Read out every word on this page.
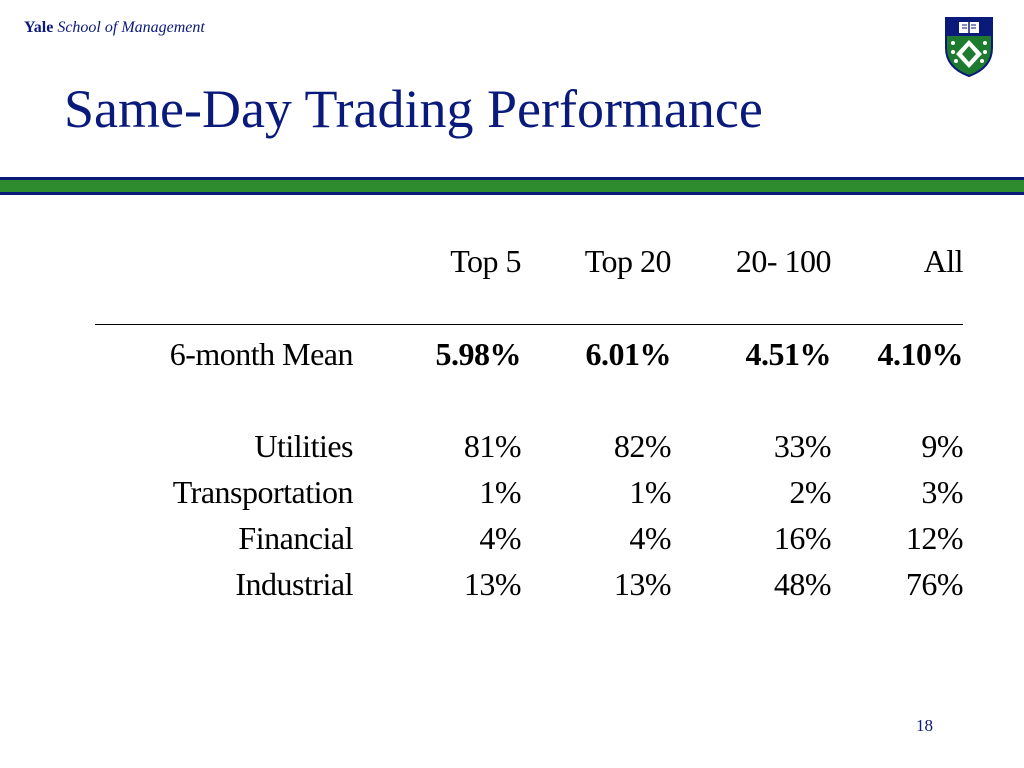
Yale School of Management
Same-Day Trading Performance
	Top 5	Top 20	20- 100	All

6-month Mean	5.98%	6.01%	4.51%	4.10%

Utilities	81%	82%	33%	9%
Transportation	1%	1%	2%	3%
Financial	4%	4%	16%	12%
Industrial	13%	13%	48%	76%
18
